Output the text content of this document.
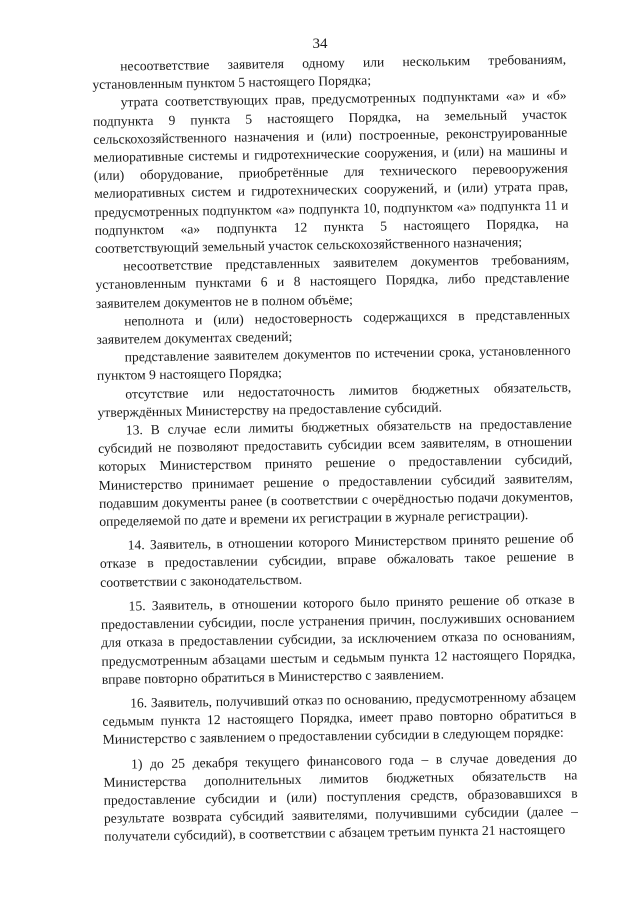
34

несоответствие заявителя одному или нескольким требованиям, установленным пунктом 5 настоящего Порядка;

утрата соответствующих прав, предусмотренных подпунктами «а» и «б» подпункта 9 пункта 5 настоящего Порядка, на земельный участок сельскохозяйственного назначения и (или) построенные, реконструированные мелиоративные системы и гидротехнические сооружения, и (или) на машины и (или) оборудование, приобретённые для технического перевооружения мелиоративных систем и гидротехнических сооружений, и (или) утрата прав, предусмотренных подпунктом «а» подпункта 10, подпунктом «а» подпункта 11 и подпунктом «а» подпункта 12 пункта 5 настоящего Порядка, на соответствующий земельный участок сельскохозяйственного назначения;

несоответствие представленных заявителем документов требованиям, установленным пунктами 6 и 8 настоящего Порядка, либо представление заявителем документов не в полном объёме;

неполнота и (или) недостоверность содержащихся в представленных заявителем документах сведений;

представление заявителем документов по истечении срока, установленного пунктом 9 настоящего Порядка;

отсутствие или недостаточность лимитов бюджетных обязательств, утверждённых Министерству на предоставление субсидий.

13. В случае если лимиты бюджетных обязательств на предоставление субсидий не позволяют предоставить субсидии всем заявителям, в отношении которых Министерством принято решение о предоставлении субсидий, Министерство принимает решение о предоставлении субсидий заявителям, подавшим документы ранее (в соответствии с очерёдностью подачи документов, определяемой по дате и времени их регистрации в журнале регистрации).

14. Заявитель, в отношении которого Министерством принято решение об отказе в предоставлении субсидии, вправе обжаловать такое решение в соответствии с законодательством.

15. Заявитель, в отношении которого было принято решение об отказе в предоставлении субсидии, после устранения причин, послуживших основанием для отказа в предоставлении субсидии, за исключением отказа по основаниям, предусмотренным абзацами шестым и седьмым пункта 12 настоящего Порядка, вправе повторно обратиться в Министерство с заявлением.

16. Заявитель, получивший отказ по основанию, предусмотренному абзацем седьмым пункта 12 настоящего Порядка, имеет право повторно обратиться в Министерство с заявлением о предоставлении субсидии в следующем порядке:

1) до 25 декабря текущего финансового года – в случае доведения до Министерства дополнительных лимитов бюджетных обязательств на предоставление субсидии и (или) поступления средств, образовавшихся в результате возврата субсидий заявителями, получившими субсидии (далее – получатели субсидий), в соответствии с абзацем третьим пункта 21 настоящего
